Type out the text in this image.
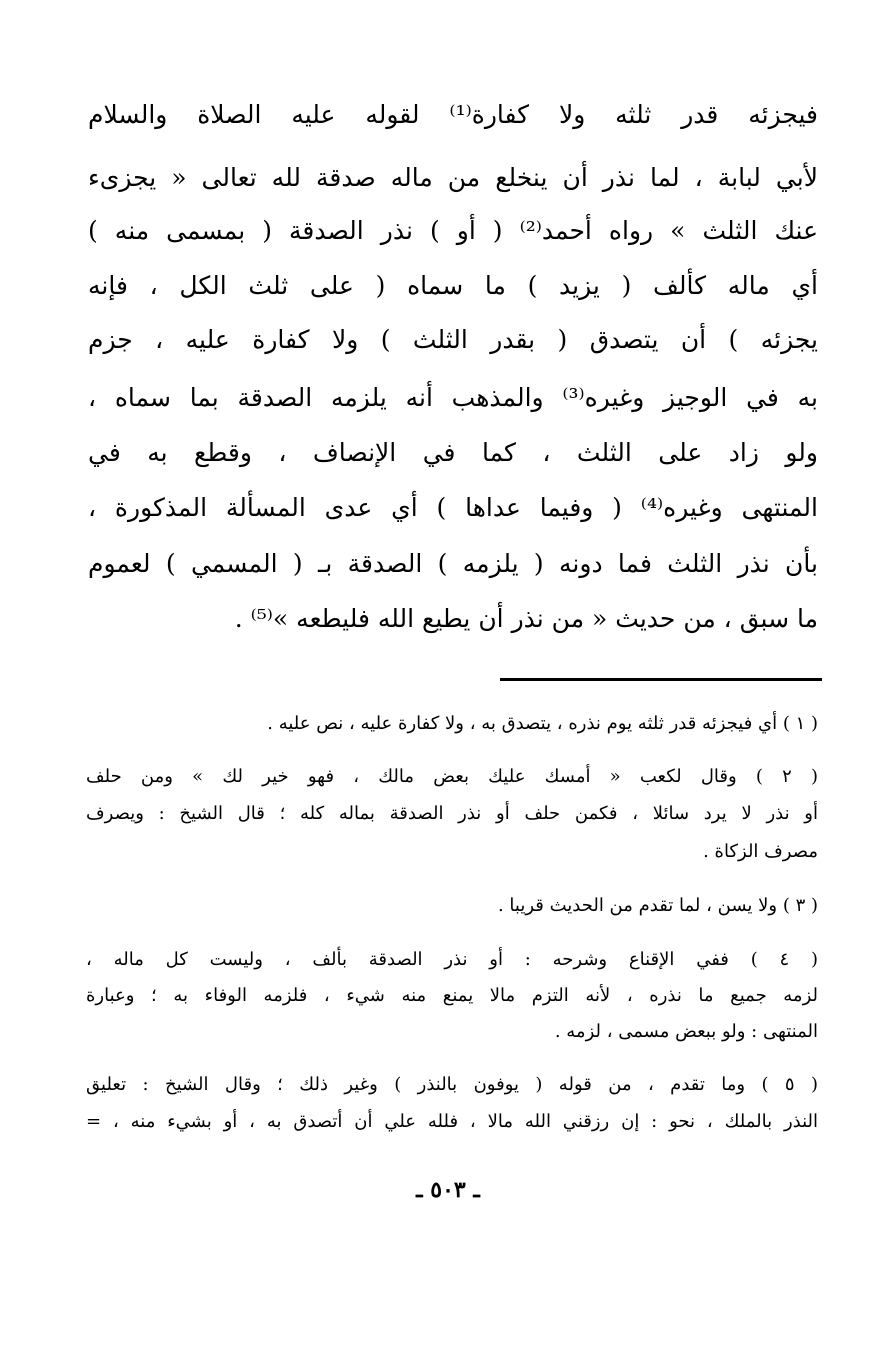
فيجزئه قدر ثلثه ولا كفارة⁽¹⁾ لقوله عليه الصلاة والسلام
لأبي لبابة ، لما نذر أن ينخلع من ماله صدقة لله تعالى « يجزىء
عنك الثلث » رواه أحمد⁽²⁾ ( أو ) نذر الصدقة ( بمسمى منه )
أي ماله كألف ( يزيد ) ما سماه ( على ثلث الكل ، فإنه
يجزئه ) أن يتصدق ( بقدر الثلث ) ولا كفارة عليه ، جزم
به في الوجيز وغيره⁽³⁾ والمذهب أنه يلزمه الصدقة بما سماه ،
ولو زاد على الثلث ، كما في الإنصاف ، وقطع به في
المنتهى وغيره⁽⁴⁾ ( وفيما عداها ) أي عدى المسألة المذكورة ،
بأن نذر الثلث فما دونه ( يلزمه ) الصدقة بـ ( المسمي ) لعموم
ما سبق ، من حديث « من نذر أن يطيع الله فليطعه »⁽⁵⁾ .
( ١ ) أي فيجزئه قدر ثلثه يوم نذره ، يتصدق به ، ولا كفارة عليه ، نص عليه .
( ٢ ) وقال لكعب « أمسك عليك بعض مالك ، فهو خير لك » ومن حلف
أو نذر لا يرد سائلا ، فكمن حلف أو نذر الصدقة بماله كله ؛ قال الشيخ : ويصرف
مصرف الزكاة .
( ٣ ) ولا يسن ، لما تقدم من الحديث قريبا .
( ٤ ) ففي الإقناع وشرحه : أو نذر الصدقة بألف ، وليست كل ماله ،
لزمه جميع ما نذره ، لأنه التزم مالا يمنع منه شيء ، فلزمه الوفاء به ؛ وعبارة
المنتهى : ولو ببعض مسمى ، لزمه .
( ٥ ) وما تقدم ، من قوله ( يوفون بالنذر ) وغير ذلك ؛ وقال الشيخ : تعليق
النذر بالملك ، نحو : إن رزقني الله مالا ، فلله علي أن أتصدق به ، أو بشيء منه ، =
ـ ٥٠٣ ـ
